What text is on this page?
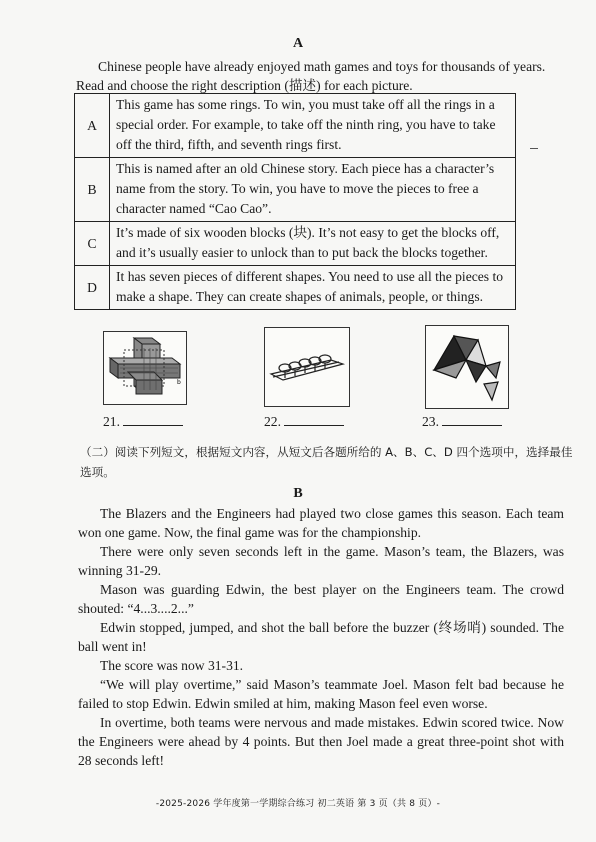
A

Chinese people have already enjoyed math games and toys for thousands of years.

Read and choose the right description (描述) for each picture.

A	This game has some rings. To win, you must take off all the rings in a special order. For example, to take off the ninth ring, you have to take off the third, fifth, and seventh rings first.
B	This is named after an old Chinese story. Each piece has a character’s name from the story. To win, you have to move the pieces to free a character named “Cao Cao”.
C	It’s made of six wooden blocks (块). It’s not easy to get the blocks off, and it’s usually easier to unlock than to put back the blocks together.
D	It has seven pieces of different shapes. You need to use all the pieces to make a shape. They can create shapes of animals, people, or things.
b
21.	22.	23.
（二）阅读下列短文，根据短文内容，从短文后各题所给的 A、B、C、D 四个选项中，选择最佳选项。
B

The Blazers and the Engineers had played two close games this season. Each team won one game. Now, the final game was for the championship.

There were only seven seconds left in the game. Mason’s team, the Blazers, was winning 31-29.

Mason was guarding Edwin, the best player on the Engineers team. The crowd shouted: “4...3....2...”

Edwin stopped, jumped, and shot the ball before the buzzer (终场哨) sounded. The ball went in!

The score was now 31-31.

“We will play overtime,” said Mason’s teammate Joel. Mason felt bad because he failed to stop Edwin. Edwin smiled at him, making Mason feel even worse.

In overtime, both teams were nervous and made mistakes. Edwin scored twice. Now the Engineers were ahead by 4 points. But then Joel made a great three-point shot with 28 seconds left!

-2025-2026 学年度第一学期综合练习 初二英语 第 3 页（共 8 页）-
